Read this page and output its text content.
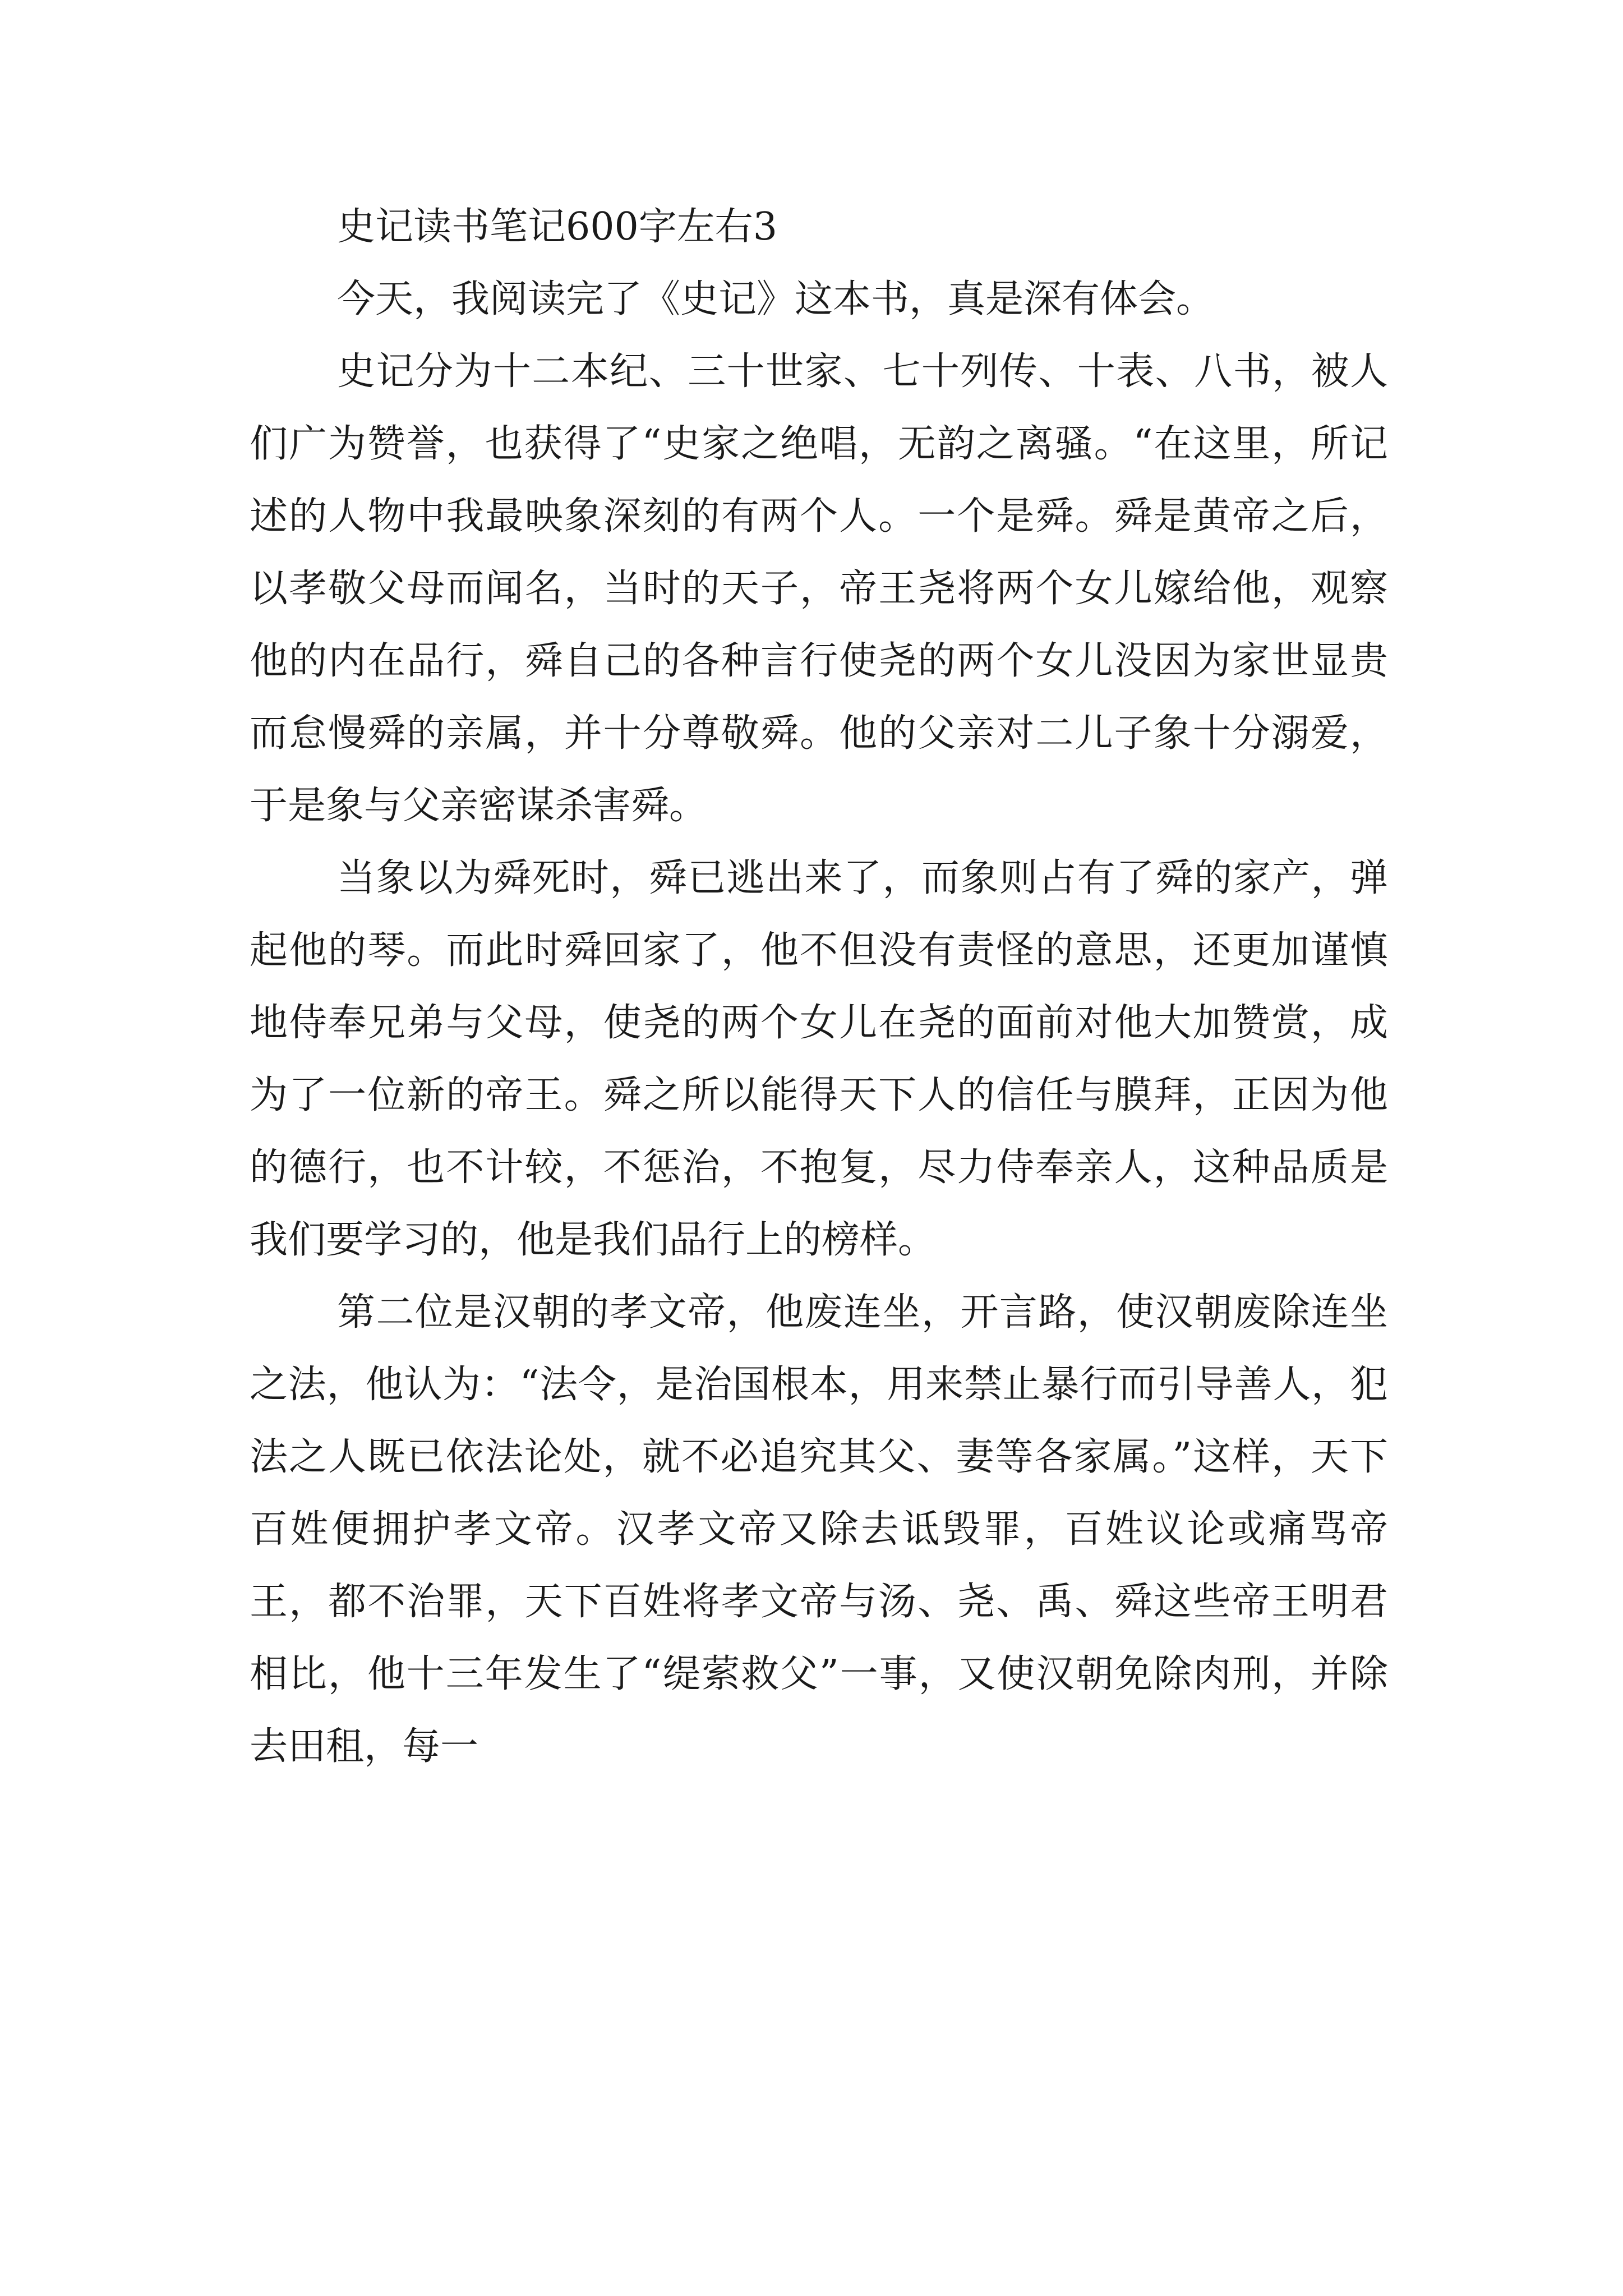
史记读书笔记600字左右3

今天，我阅读完了《史记》这本书，真是深有体会。

史记分为十二本纪、三十世家、七十列传、十表、八书，被人们广为赞誉，也获得了“史家之绝唱，无韵之离骚。“在这里，所记述的人物中我最映象深刻的有两个人。一个是舜。舜是黄帝之后，以孝敬父母而闻名，当时的天子，帝王尧将两个女儿嫁给他，观察他的内在品行，舜自己的各种言行使尧的两个女儿没因为家世显贵而怠慢舜的亲属，并十分尊敬舜。他的父亲对二儿子象十分溺爱，于是象与父亲密谋杀害舜。

当象以为舜死时，舜已逃出来了，而象则占有了舜的家产，弹起他的琴。而此时舜回家了，他不但没有责怪的意思，还更加谨慎地侍奉兄弟与父母，使尧的两个女儿在尧的面前对他大加赞赏，成为了一位新的帝王。舜之所以能得天下人的信任与膜拜，正因为他的德行，也不计较，不惩治，不抱复，尽力侍奉亲人，这种品质是我们要学习的，他是我们品行上的榜样。

第二位是汉朝的孝文帝，他废连坐，开言路，使汉朝废除连坐之法，他认为：“法令，是治国根本，用来禁止暴行而引导善人，犯法之人既已依法论处，就不必追究其父、妻等各家属。”这样，天下百姓便拥护孝文帝。汉孝文帝又除去诋毁罪，百姓议论或痛骂帝王，都不治罪，天下百姓将孝文帝与汤、尧、禹、舜这些帝王明君相比，他十三年发生了“缇萦救父”一事，又使汉朝免除肉刑，并除去田租，每一
